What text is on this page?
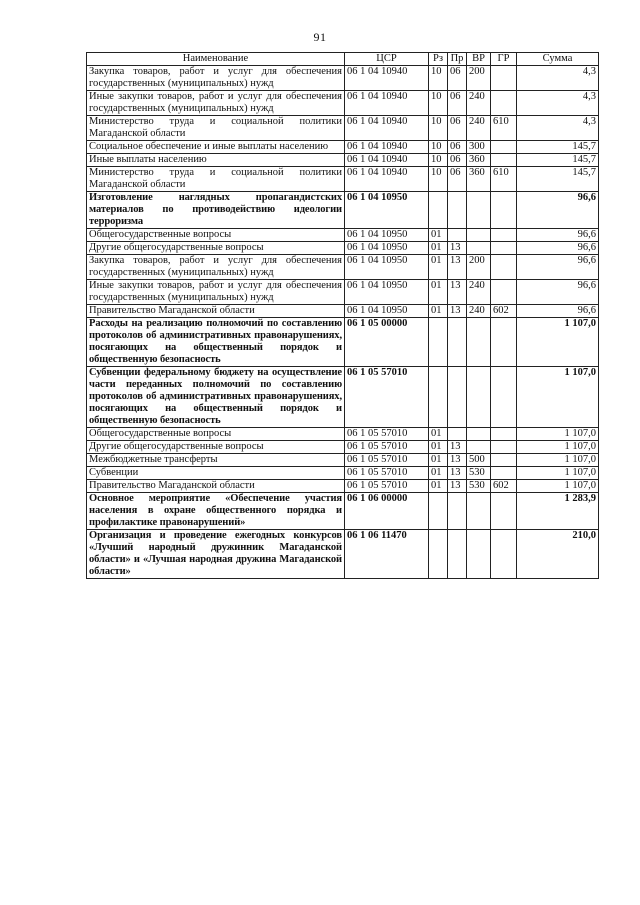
91
Наименование	ЦСР	Рз	Пр	ВР	ГР	Сумма
Закупка товаров, работ и услуг для обеспечения государственных (муниципальных) нужд	06 1 04 10940	10	06	200		4,3
Иные закупки товаров, работ и услуг для обеспечения государственных (муниципальных) нужд	06 1 04 10940	10	06	240		4,3
Министерство труда и социальной политики Магаданской области	06 1 04 10940	10	06	240	610	4,3
Социальное обеспечение и иные выплаты населению	06 1 04 10940	10	06	300		145,7
Иные выплаты населению	06 1 04 10940	10	06	360		145,7
Министерство труда и социальной политики Магаданской области	06 1 04 10940	10	06	360	610	145,7
Изготовление наглядных пропагандистских материалов по противодействию идеологии терроризма	06 1 04 10950					96,6
Общегосударственные вопросы	06 1 04 10950	01				96,6
Другие общегосударственные вопросы	06 1 04 10950	01	13			96,6
Закупка товаров, работ и услуг для обеспечения государственных (муниципальных) нужд	06 1 04 10950	01	13	200		96,6
Иные закупки товаров, работ и услуг для обеспечения государственных (муниципальных) нужд	06 1 04 10950	01	13	240		96,6
Правительство Магаданской области	06 1 04 10950	01	13	240	602	96,6
Расходы на реализацию полномочий по составлению протоколов об административных правонарушениях, посягающих на общественный порядок и общественную безопасность	06 1 05 00000					1 107,0
Субвенции федеральному бюджету на осуществление части переданных полномочий по составлению протоколов об административных правонарушениях, посягающих на общественный порядок и общественную безопасность	06 1 05 57010					1 107,0
Общегосударственные вопросы	06 1 05 57010	01				1 107,0
Другие общегосударственные вопросы	06 1 05 57010	01	13			1 107,0
Межбюджетные трансферты	06 1 05 57010	01	13	500		1 107,0
Субвенции	06 1 05 57010	01	13	530		1 107,0
Правительство Магаданской области	06 1 05 57010	01	13	530	602	1 107,0
Основное мероприятие «Обеспечение участия населения в охране общественного порядка и профилактике правонарушений»	06 1 06 00000					1 283,9
Организация и проведение ежегодных конкурсов «Лучший народный дружинник Магаданской области» и «Лучшая народная дружина Магаданской области»	06 1 06 11470					210,0
